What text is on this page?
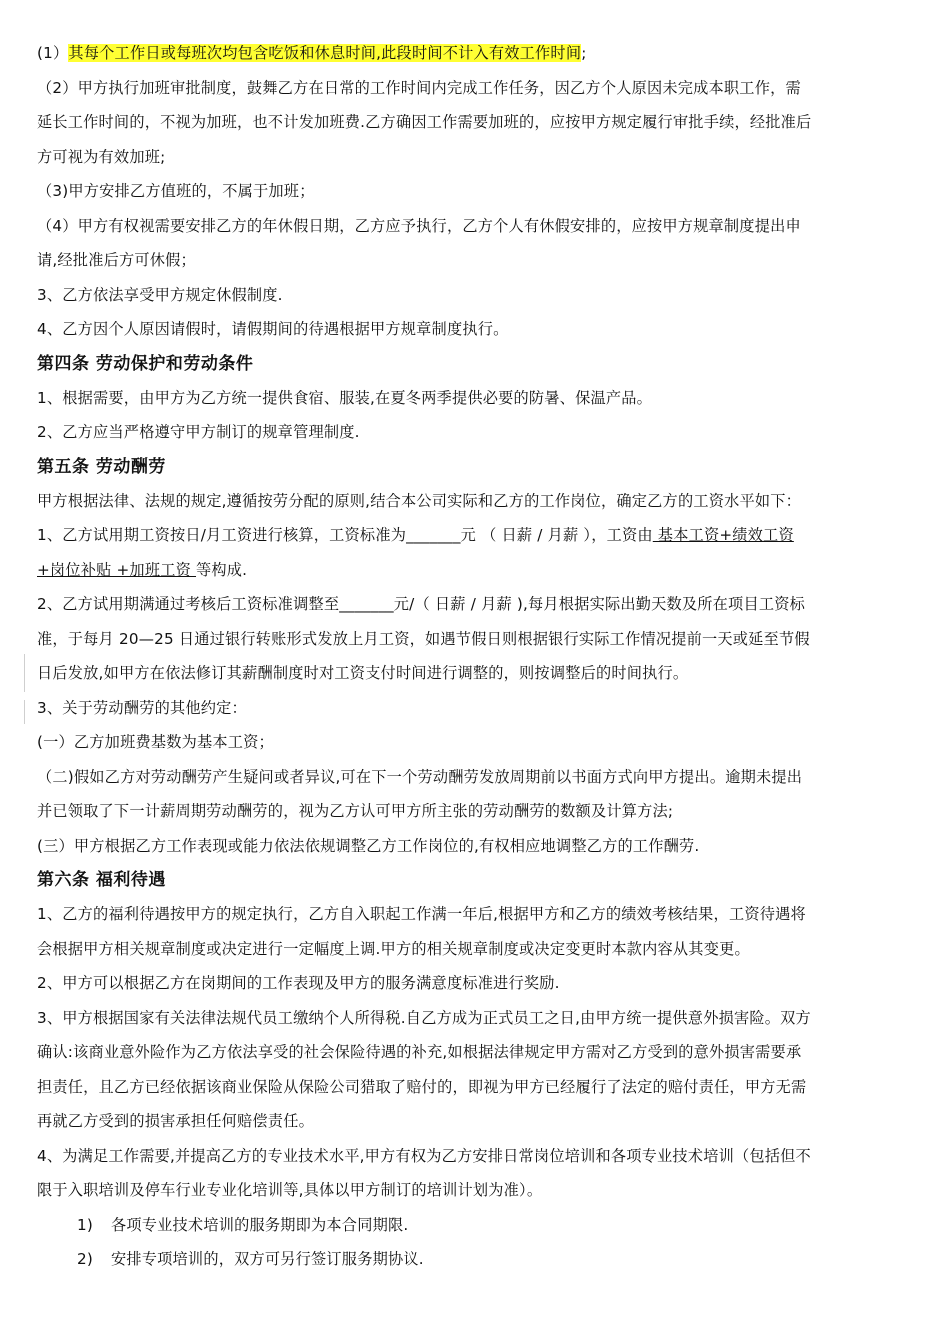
(1）其每个工作日或每班次均包含吃饭和休息时间,此段时间不计入有效工作时间;

（2）甲方执行加班审批制度，鼓舞乙方在日常的工作时间内完成工作任务，因乙方个人原因未完成本职工作，需

延长工作时间的，不视为加班，也不计发加班费.乙方确因工作需要加班的，应按甲方规定履行审批手续，经批准后

方可视为有效加班;

（3)甲方安排乙方值班的，不属于加班；

（4）甲方有权视需要安排乙方的年休假日期，乙方应予执行，乙方个人有休假安排的，应按甲方规章制度提出申

请,经批准后方可休假；

3、乙方依法享受甲方规定休假制度.

4、乙方因个人原因请假时，请假期间的待遇根据甲方规章制度执行。

第四条 劳动保护和劳动条件

1、根据需要，由甲方为乙方统一提供食宿、服装,在夏冬两季提供必要的防暑、保温产品。

2、乙方应当严格遵守甲方制订的规章管理制度.

第五条 劳动酬劳

甲方根据法律、法规的规定,遵循按劳分配的原则,结合本公司实际和乙方的工作岗位，确定乙方的工资水平如下：

1、乙方试用期工资按日/月工资进行核算，工资标准为_______元 （ 日薪 / 月薪 ），工资由 基本工资+绩效工资

+岗位补贴 +加班工资 等构成.

2、乙方试用期满通过考核后工资标准调整至_______元/（ 日薪 / 月薪 ),每月根据实际出勤天数及所在项目工资标

准，于每月 20—25 日通过银行转账形式发放上月工资，如遇节假日则根据银行实际工作情况提前一天或延至节假

日后发放,如甲方在依法修订其薪酬制度时对工资支付时间进行调整的，则按调整后的时间执行。

3、关于劳动酬劳的其他约定：

(一）乙方加班费基数为基本工资；

（二)假如乙方对劳动酬劳产生疑问或者异议,可在下一个劳动酬劳发放周期前以书面方式向甲方提出。逾期未提出

并已领取了下一计薪周期劳动酬劳的，视为乙方认可甲方所主张的劳动酬劳的数额及计算方法;

(三）甲方根据乙方工作表现或能力依法依规调整乙方工作岗位的,有权相应地调整乙方的工作酬劳.

第六条 福利待遇

1、乙方的福利待遇按甲方的规定执行，乙方自入职起工作满一年后,根据甲方和乙方的绩效考核结果，工资待遇将

会根据甲方相关规章制度或决定进行一定幅度上调.甲方的相关规章制度或决定变更时本款内容从其变更。

2、甲方可以根据乙方在岗期间的工作表现及甲方的服务满意度标准进行奖励.

3、甲方根据国家有关法律法规代员工缴纳个人所得税.自乙方成为正式员工之日,由甲方统一提供意外损害险。双方

确认:该商业意外险作为乙方依法享受的社会保险待遇的补充,如根据法律规定甲方需对乙方受到的意外损害需要承

担责任，且乙方已经依据该商业保险从保险公司猎取了赔付的，即视为甲方已经履行了法定的赔付责任，甲方无需

再就乙方受到的损害承担任何赔偿责任。

4、为满足工作需要,并提高乙方的专业技术水平,甲方有权为乙方安排日常岗位培训和各项专业技术培训（包括但不

限于入职培训及停车行业专业化培训等,具体以甲方制订的培训计划为准）。

1) 各项专业技术培训的服务期即为本合同期限.

2) 安排专项培训的，双方可另行签订服务期协议.
